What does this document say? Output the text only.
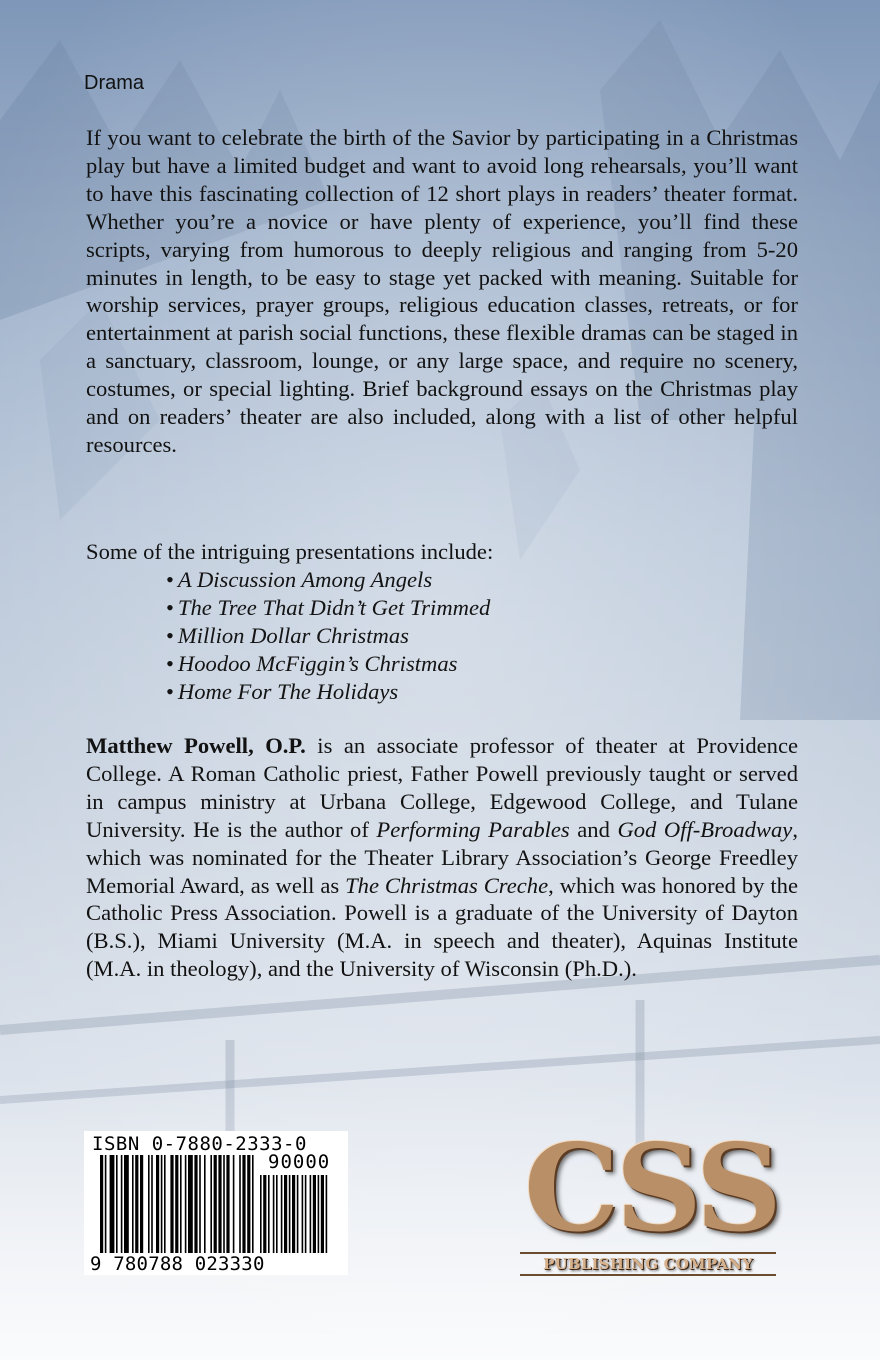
Drama

If you want to celebrate the birth of the Savior by participating in a Christmas play but have a limited budget and want to avoid long rehearsals, you’ll want to have this fascinating collection of 12 short plays in readers’ theater format. Whether you’re a novice or have plenty of experience, you’ll find these scripts, varying from humorous to deeply religious and ranging from 5-20 minutes in length, to be easy to stage yet packed with meaning. Suitable for worship services, prayer groups, religious education classes, retreats, or for entertainment at parish social functions, these flexible dramas can be staged in a sanctuary, classroom, lounge, or any large space, and require no scenery, costumes, or special lighting. Brief background essays on the Christmas play and on readers’ theater are also included, along with a list of other helpful resources.

Some of the intriguing presentations include:

• A Discussion Among Angels
• The Tree That Didn’t Get Trimmed
• Million Dollar Christmas
• Hoodoo McFiggin’s Christmas
• Home For The Holidays

Matthew Powell, O.P. is an associate professor of theater at Providence College. A Roman Catholic priest, Father Powell previously taught or served in campus ministry at Urbana College, Edgewood College, and Tulane University. He is the author of Performing Parables and God Off-Broadway, which was nominated for the Theater Library Association’s George Freedley Memorial Award, as well as The Christmas Creche, which was honored by the Catholic Press Association. Powell is a graduate of the University of Dayton (B.S.), Miami University (M.A. in speech and theater), Aquinas Institute (M.A. in theology), and the University of Wisconsin (Ph.D.).

ISBN 0-7880-2333-0
90000
9 780788 023330
CSS
PUBLISHING COMPANY
